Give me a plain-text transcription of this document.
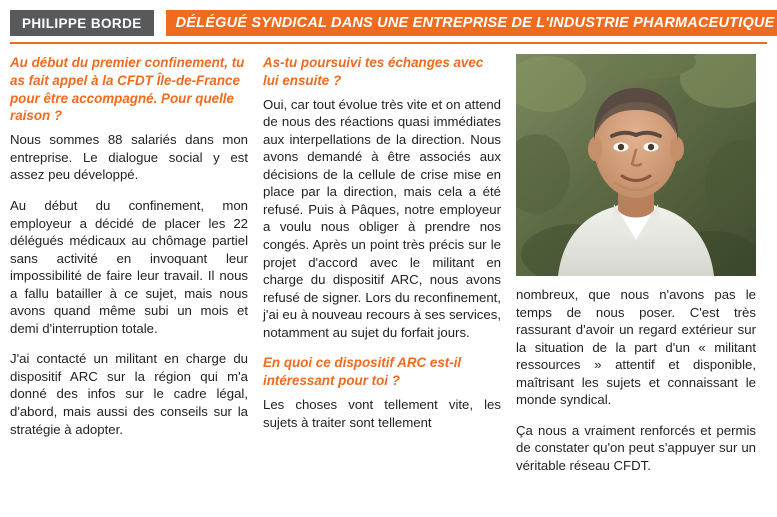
PHILIPPE BORDE	DÉLÉGUÉ SYNDICAL DANS UNE ENTREPRISE DE L'INDUSTRIE PHARMACEUTIQUE
Au début du premier confinement, tu as fait appel à la CFDT Île-de-France pour être accompagné. Pour quelle raison ?

Nous sommes 88 salariés dans mon entreprise. Le dialogue social y est assez peu développé.

Au début du confinement, mon employeur a décidé de placer les 22 délégués médicaux au chômage partiel sans activité en invoquant leur impossibilité de faire leur travail. Il nous a fallu batailler à ce sujet, mais nous avons quand même subi un mois et demi d'interruption totale.

J'ai contacté un militant en charge du dispositif ARC sur la région qui m'a donné des infos sur le cadre légal, d'abord, mais aussi des conseils sur la stratégie à adopter.

As-tu poursuivi tes échanges avec lui ensuite ?

Oui, car tout évolue très vite et on attend de nous des réactions quasi immédiates aux interpellations de la direction. Nous avons demandé à être associés aux décisions de la cellule de crise mise en place par la direction, mais cela a été refusé. Puis à Pâques, notre employeur a voulu nous obliger à prendre nos congés. Après un point très précis sur le projet d'accord avec le militant en charge du dispositif ARC, nous avons refusé de signer. Lors du reconfinement, j'ai eu à nouveau recours à ses services, notamment au sujet du forfait jours.

En quoi ce dispositif ARC est-il intéressant pour toi ?

Les choses vont tellement vite, les sujets à traiter sont tellement

nombreux, que nous n'avons pas le temps de nous poser. C'est très rassurant d'avoir un regard extérieur sur la situation de la part d'un « militant ressources » attentif et disponible, maîtrisant les sujets et connaissant le monde syndical.

Ça nous a vraiment renforcés et permis de constater qu'on peut s'appuyer sur un véritable réseau CFDT.
